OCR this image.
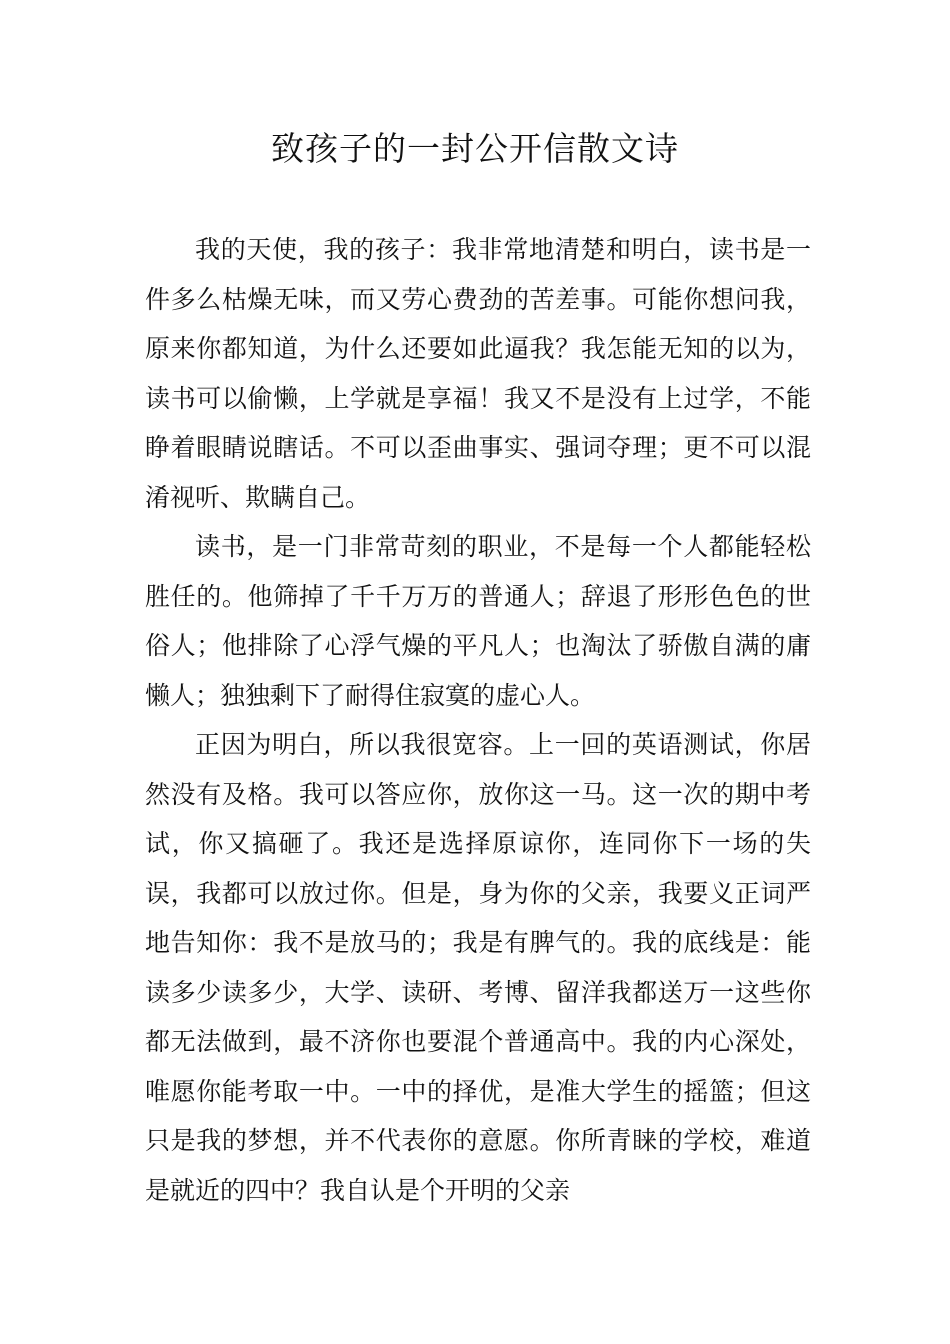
致孩子的一封公开信散文诗

我的天使，我的孩子：我非常地清楚和明白，读书是一件多么枯燥无味，而又劳心费劲的苦差事。可能你想问我，原来你都知道，为什么还要如此逼我？我怎能无知的以为，读书可以偷懒，上学就是享福！我又不是没有上过学，不能睁着眼睛说瞎话。不可以歪曲事实、强词夺理；更不可以混淆视听、欺瞒自己。

读书，是一门非常苛刻的职业，不是每一个人都能轻松胜任的。他筛掉了千千万万的普通人；辞退了形形色色的世俗人；他排除了心浮气燥的平凡人；也淘汰了骄傲自满的庸懒人；独独剩下了耐得住寂寞的虚心人。

正因为明白，所以我很宽容。上一回的英语测试，你居然没有及格。我可以答应你，放你这一马。这一次的期中考试，你又搞砸了。我还是选择原谅你，连同你下一场的失误，我都可以放过你。但是，身为你的父亲，我要义正词严地告知你：我不是放马的；我是有脾气的。我的底线是：能读多少读多少，大学、读研、考博、留洋我都送万一这些你都无法做到，最不济你也要混个普通高中。我的内心深处，唯愿你能考取一中。一中的择优，是准大学生的摇篮；但这只是我的梦想，并不代表你的意愿。你所青睐的学校，难道是就近的四中？我自认是个开明的父亲
